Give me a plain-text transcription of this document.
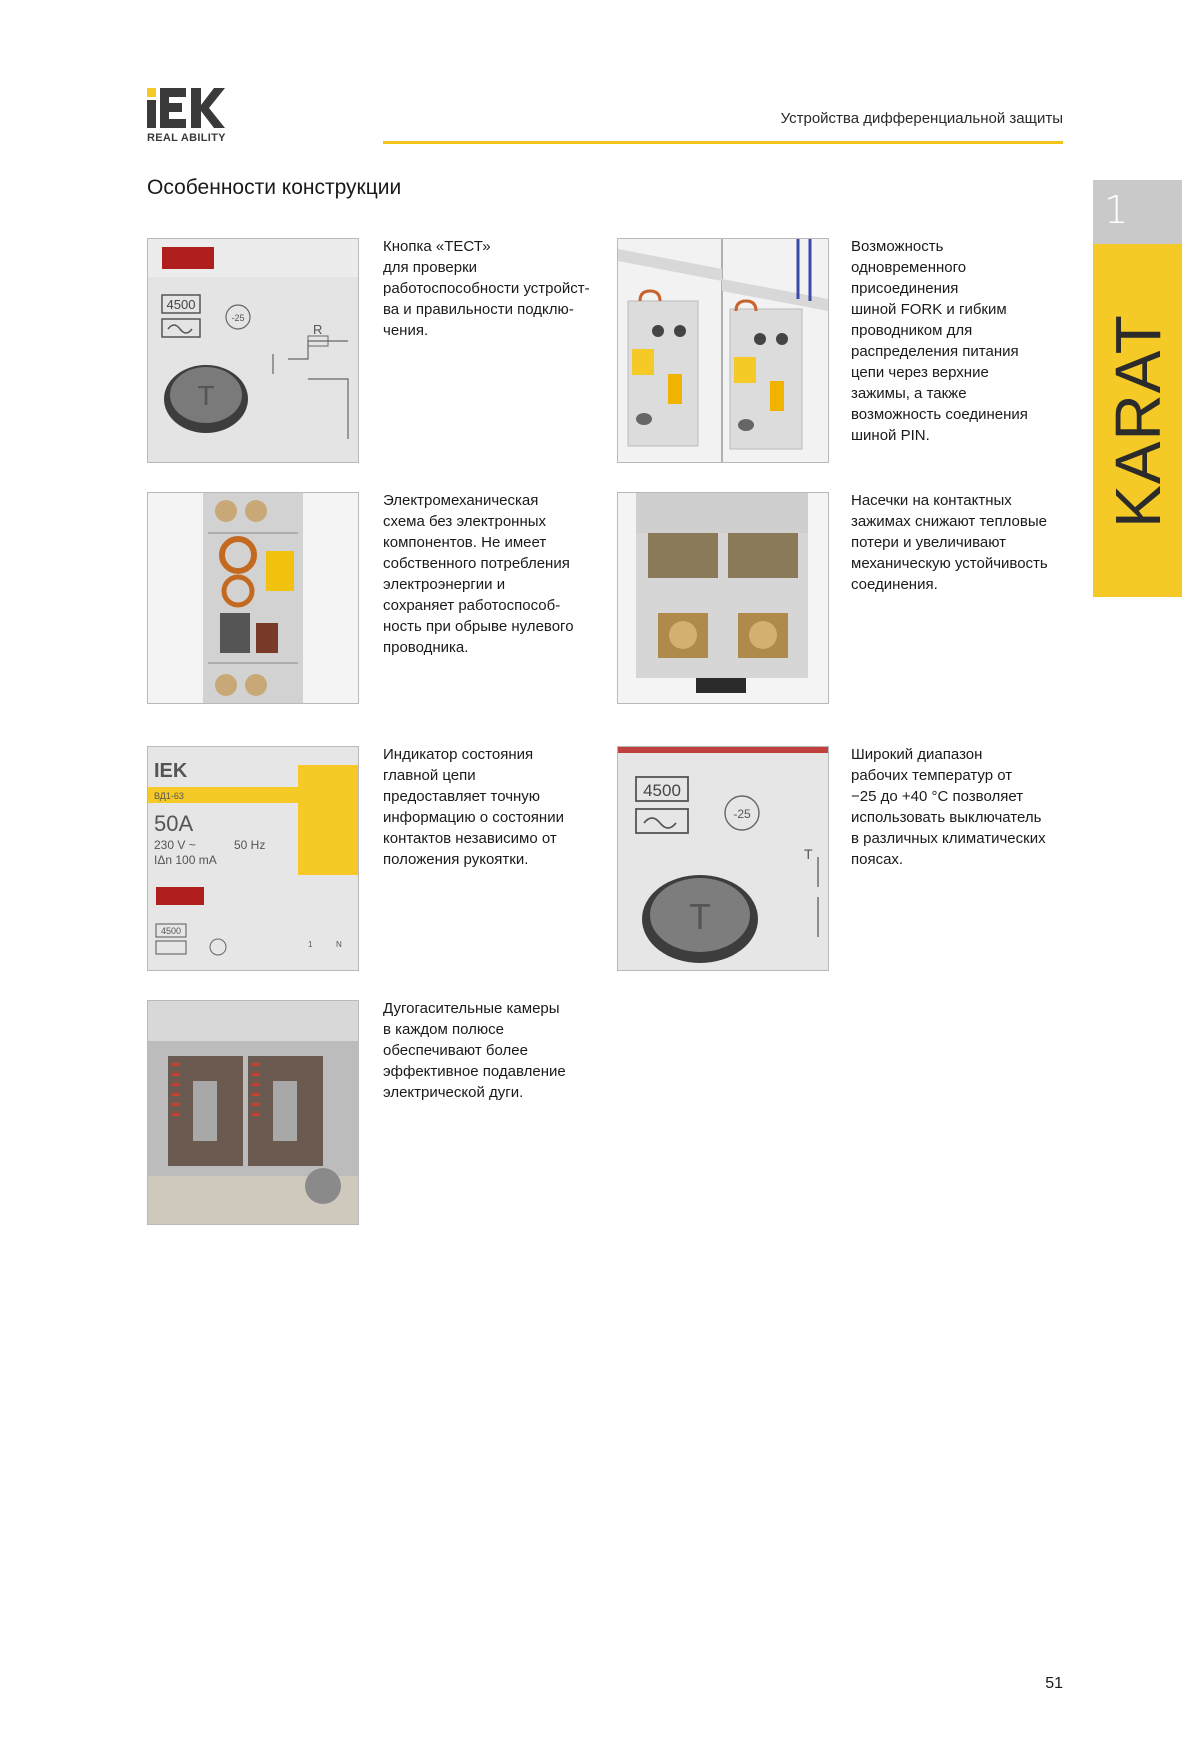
REAL ABILITY
Устройства дифференциальной защиты
Особенности конструкции
1
KARAT
4500
-25
R
T
Кнопка «ТЕСТ»
для проверки
работоспособности устройст-
ва и правильности подклю-
чения.
Возможность
одновременного
присоединения
шиной FORK и гибким
проводником для
распределения питания
цепи через верхние
зажимы, а также
возможность соединения
шиной PIN.
Электромеханическая
схема без электронных
компонентов. Не имеет
собственного потребления
электроэнергии и
сохраняет работоспособ-
ность при обрыве нулевого
проводника.
Насечки на контактных
зажимах снижают тепловые
потери и увеличивают
механическую устойчивость
соединения.
IEK
ВД1-63
50A
230 V ~	50 Hz
IΔn 100 mA
4500
1	N
Индикатор состояния
главной цепи
предоставляет точную
информацию о состоянии
контактов независимо от
положения рукоятки.
4500
-25
T
T
Широкий диапазон
рабочих температур от
−25 до +40 °С позволяет
использовать выключатель
в различных климатических
поясах.
Дугогасительные камеры
в каждом полюсе
обеспечивают более
эффективное подавление
электрической дуги.
51
